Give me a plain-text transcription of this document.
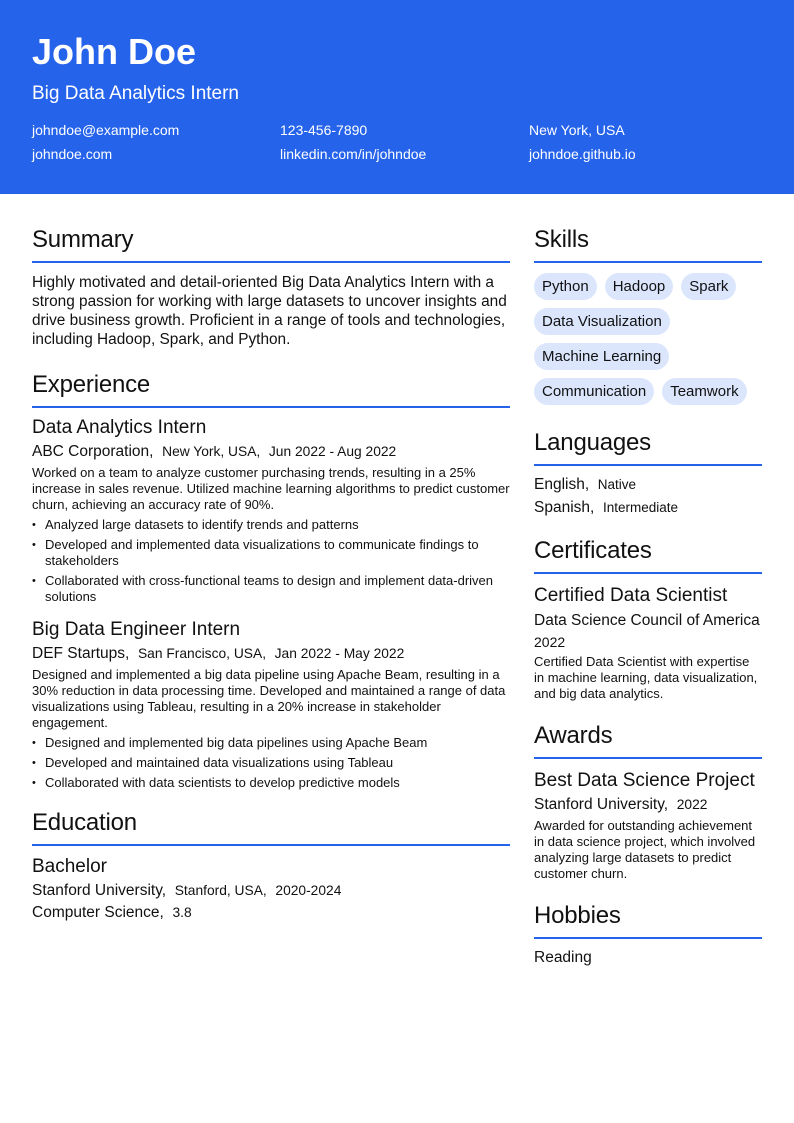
John Doe
Big Data Analytics Intern
johndoe@example.com	123-456-7890	New York, USA
johndoe.com	linkedin.com/in/johndoe	johndoe.github.io
Summary
Highly motivated and detail-oriented Big Data Analytics Intern with a strong passion for working with large datasets to uncover insights and drive business growth. Proficient in a range of tools and technologies, including Hadoop, Spark, and Python.
Experience
Data Analytics Intern
ABC Corporation, New York, USA, Jun 2022 - Aug 2022
Worked on a team to analyze customer purchasing trends, resulting in a 25% increase in sales revenue. Utilized machine learning algorithms to predict customer churn, achieving an accuracy rate of 90%.
• Analyzed large datasets to identify trends and patterns
• Developed and implemented data visualizations to communicate findings to stakeholders
• Collaborated with cross-functional teams to design and implement data-driven solutions
Big Data Engineer Intern
DEF Startups, San Francisco, USA, Jan 2022 - May 2022
Designed and implemented a big data pipeline using Apache Beam, resulting in a 30% reduction in data processing time. Developed and maintained a range of data visualizations using Tableau, resulting in a 20% increase in stakeholder engagement.
• Designed and implemented big data pipelines using Apache Beam
• Developed and maintained data visualizations using Tableau
• Collaborated with data scientists to develop predictive models
Education
Bachelor
Stanford University, Stanford, USA, 2020-2024
Computer Science, 3.8
Skills
Python	Hadoop	Spark
Data Visualization
Machine Learning
Communication	Teamwork
Languages
English, Native
Spanish, Intermediate
Certificates
Certified Data Scientist
Data Science Council of America
2022
Certified Data Scientist with expertise in machine learning, data visualization, and big data analytics.
Awards
Best Data Science Project
Stanford University, 2022
Awarded for outstanding achievement in data science project, which involved analyzing large datasets to predict customer churn.
Hobbies
Reading
